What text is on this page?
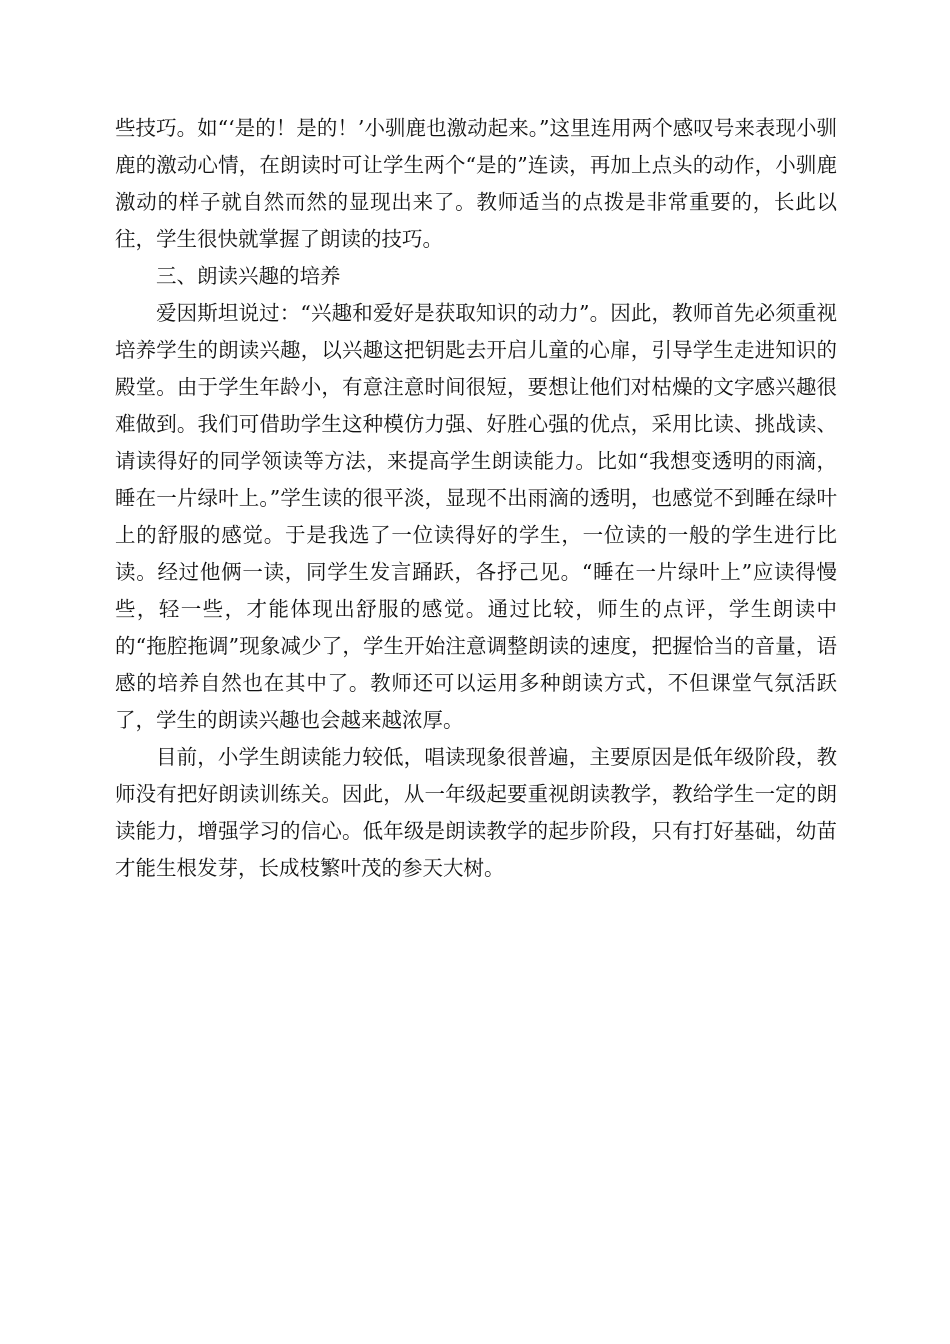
些技巧。如“‘是的！是的！’小驯鹿也激动起来。”这里连用两个感叹号来表现小驯鹿的激动心情，在朗读时可让学生两个“是的”连读，再加上点头的动作，小驯鹿激动的样子就自然而然的显现出来了。教师适当的点拨是非常重要的，长此以往，学生很快就掌握了朗读的技巧。

三、朗读兴趣的培养

爱因斯坦说过：“兴趣和爱好是获取知识的动力”。因此，教师首先必须重视培养学生的朗读兴趣，以兴趣这把钥匙去开启儿童的心扉，引导学生走进知识的殿堂。由于学生年龄小，有意注意时间很短，要想让他们对枯燥的文字感兴趣很难做到。我们可借助学生这种模仿力强、好胜心强的优点，采用比读、挑战读、请读得好的同学领读等方法，来提高学生朗读能力。比如“我想变透明的雨滴，睡在一片绿叶上。”学生读的很平淡，显现不出雨滴的透明，也感觉不到睡在绿叶上的舒服的感觉。于是我选了一位读得好的学生，一位读的一般的学生进行比读。经过他俩一读，同学生发言踊跃，各抒己见。“睡在一片绿叶上”应读得慢些，轻一些，才能体现出舒服的感觉。通过比较，师生的点评，学生朗读中的“拖腔拖调”现象减少了，学生开始注意调整朗读的速度，把握恰当的音量，语感的培养自然也在其中了。教师还可以运用多种朗读方式，不但课堂气氛活跃了，学生的朗读兴趣也会越来越浓厚。

目前，小学生朗读能力较低，唱读现象很普遍，主要原因是低年级阶段，教师没有把好朗读训练关。因此，从一年级起要重视朗读教学，教给学生一定的朗读能力，增强学习的信心。低年级是朗读教学的起步阶段，只有打好基础，幼苗才能生根发芽，长成枝繁叶茂的参天大树。
